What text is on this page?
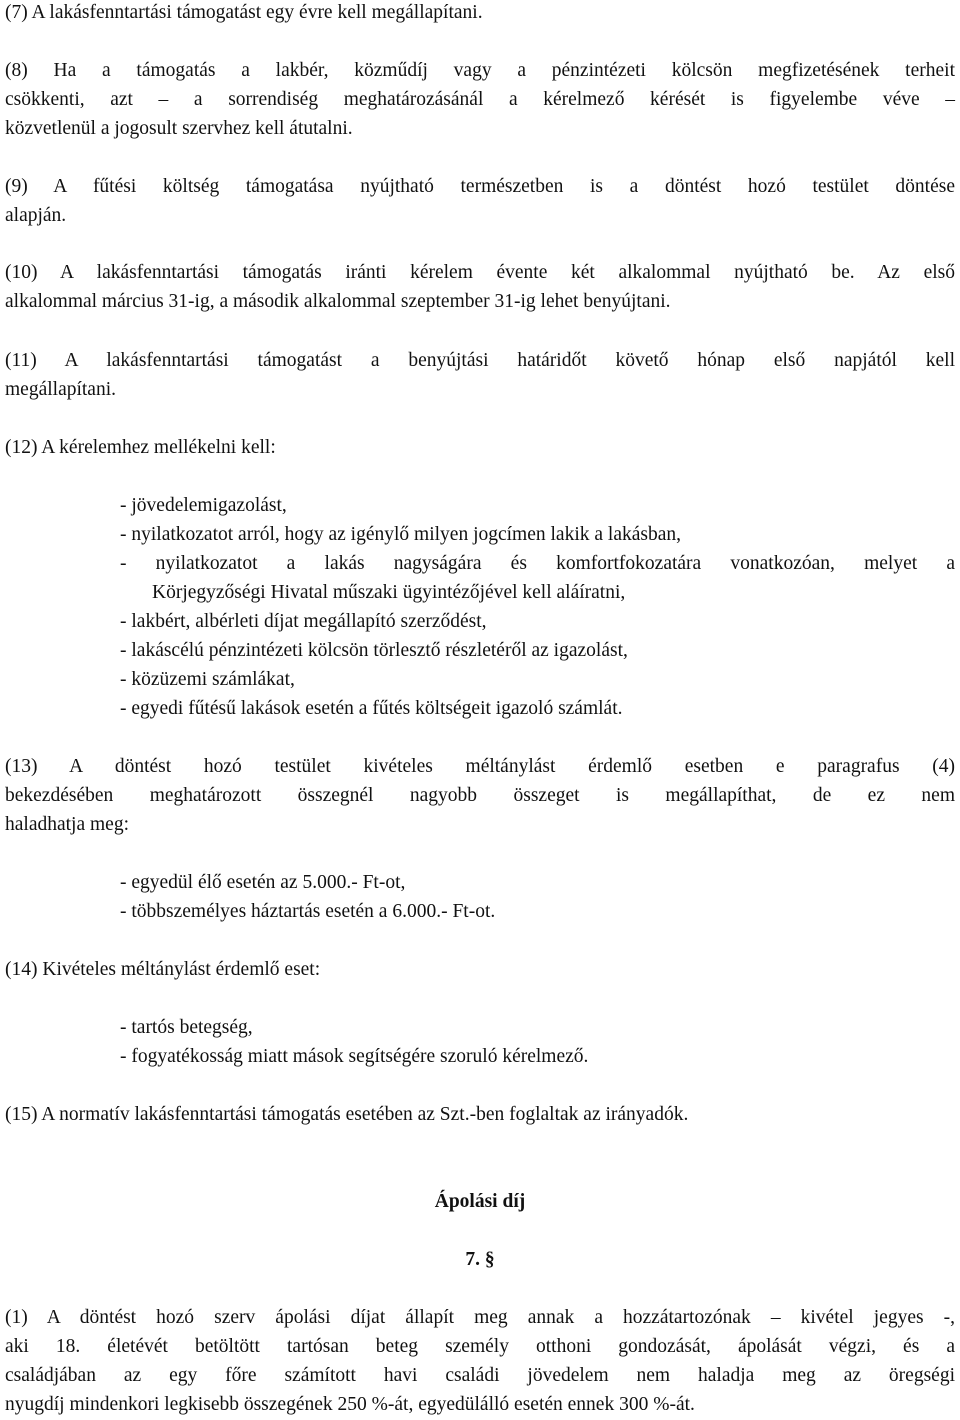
(7) A lakásfenntartási támogatást egy évre kell megállapítani.
(8) Ha a támogatás a lakbér, közműdíj vagy a pénzintézeti kölcsön megfizetésének terheit
csökkenti, azt – a sorrendiség meghatározásánál a kérelmező kérését is figyelembe véve –
közvetlenül a jogosult szervhez kell átutalni.
(9) A fűtési költség támogatása nyújtható természetben is a döntést hozó testület döntése
alapján.
(10) A lakásfenntartási támogatás iránti kérelem évente két alkalommal nyújtható be. Az első
alkalommal március 31-ig, a második alkalommal szeptember 31-ig lehet benyújtani.
(11) A lakásfenntartási támogatást a benyújtási határidőt követő hónap első napjától kell
megállapítani.
(12) A kérelemhez mellékelni kell:
- jövedelemigazolást,
- nyilatkozatot arról, hogy az igénylő milyen jogcímen lakik a lakásban,
- nyilatkozatot a lakás nagyságára és komfortfokozatára vonatkozóan, melyet a
Körjegyzőségi Hivatal műszaki ügyintézőjével kell aláíratni,
- lakbért, albérleti díjat megállapító szerződést,
- lakáscélú pénzintézeti kölcsön törlesztő részletéről az igazolást,
- közüzemi számlákat,
- egyedi fűtésű lakások esetén a fűtés költségeit igazoló számlát.
(13) A döntést hozó testület kivételes méltánylást érdemlő esetben e paragrafus (4)
bekezdésében meghatározott összegnél nagyobb összeget is megállapíthat, de ez nem
haladhatja meg:
- egyedül élő esetén az 5.000.- Ft-ot,
- többszemélyes háztartás esetén a 6.000.- Ft-ot.
(14) Kivételes méltánylást érdemlő eset:
- tartós betegség,
- fogyatékosság miatt mások segítségére szoruló kérelmező.
(15) A normatív lakásfenntartási támogatás esetében az Szt.-ben foglaltak az irányadók.
Ápolási díj
7. §
(1) A döntést hozó szerv ápolási díjat állapít meg annak a hozzátartozónak – kivétel jegyes -,
aki 18. életévét betöltött tartósan beteg személy otthoni gondozását, ápolását végzi, és a
családjában az egy főre számított havi családi jövedelem nem haladja meg az öregségi
nyugdíj mindenkori legkisebb összegének 250 %-át, egyedülálló esetén ennek 300 %-át.
